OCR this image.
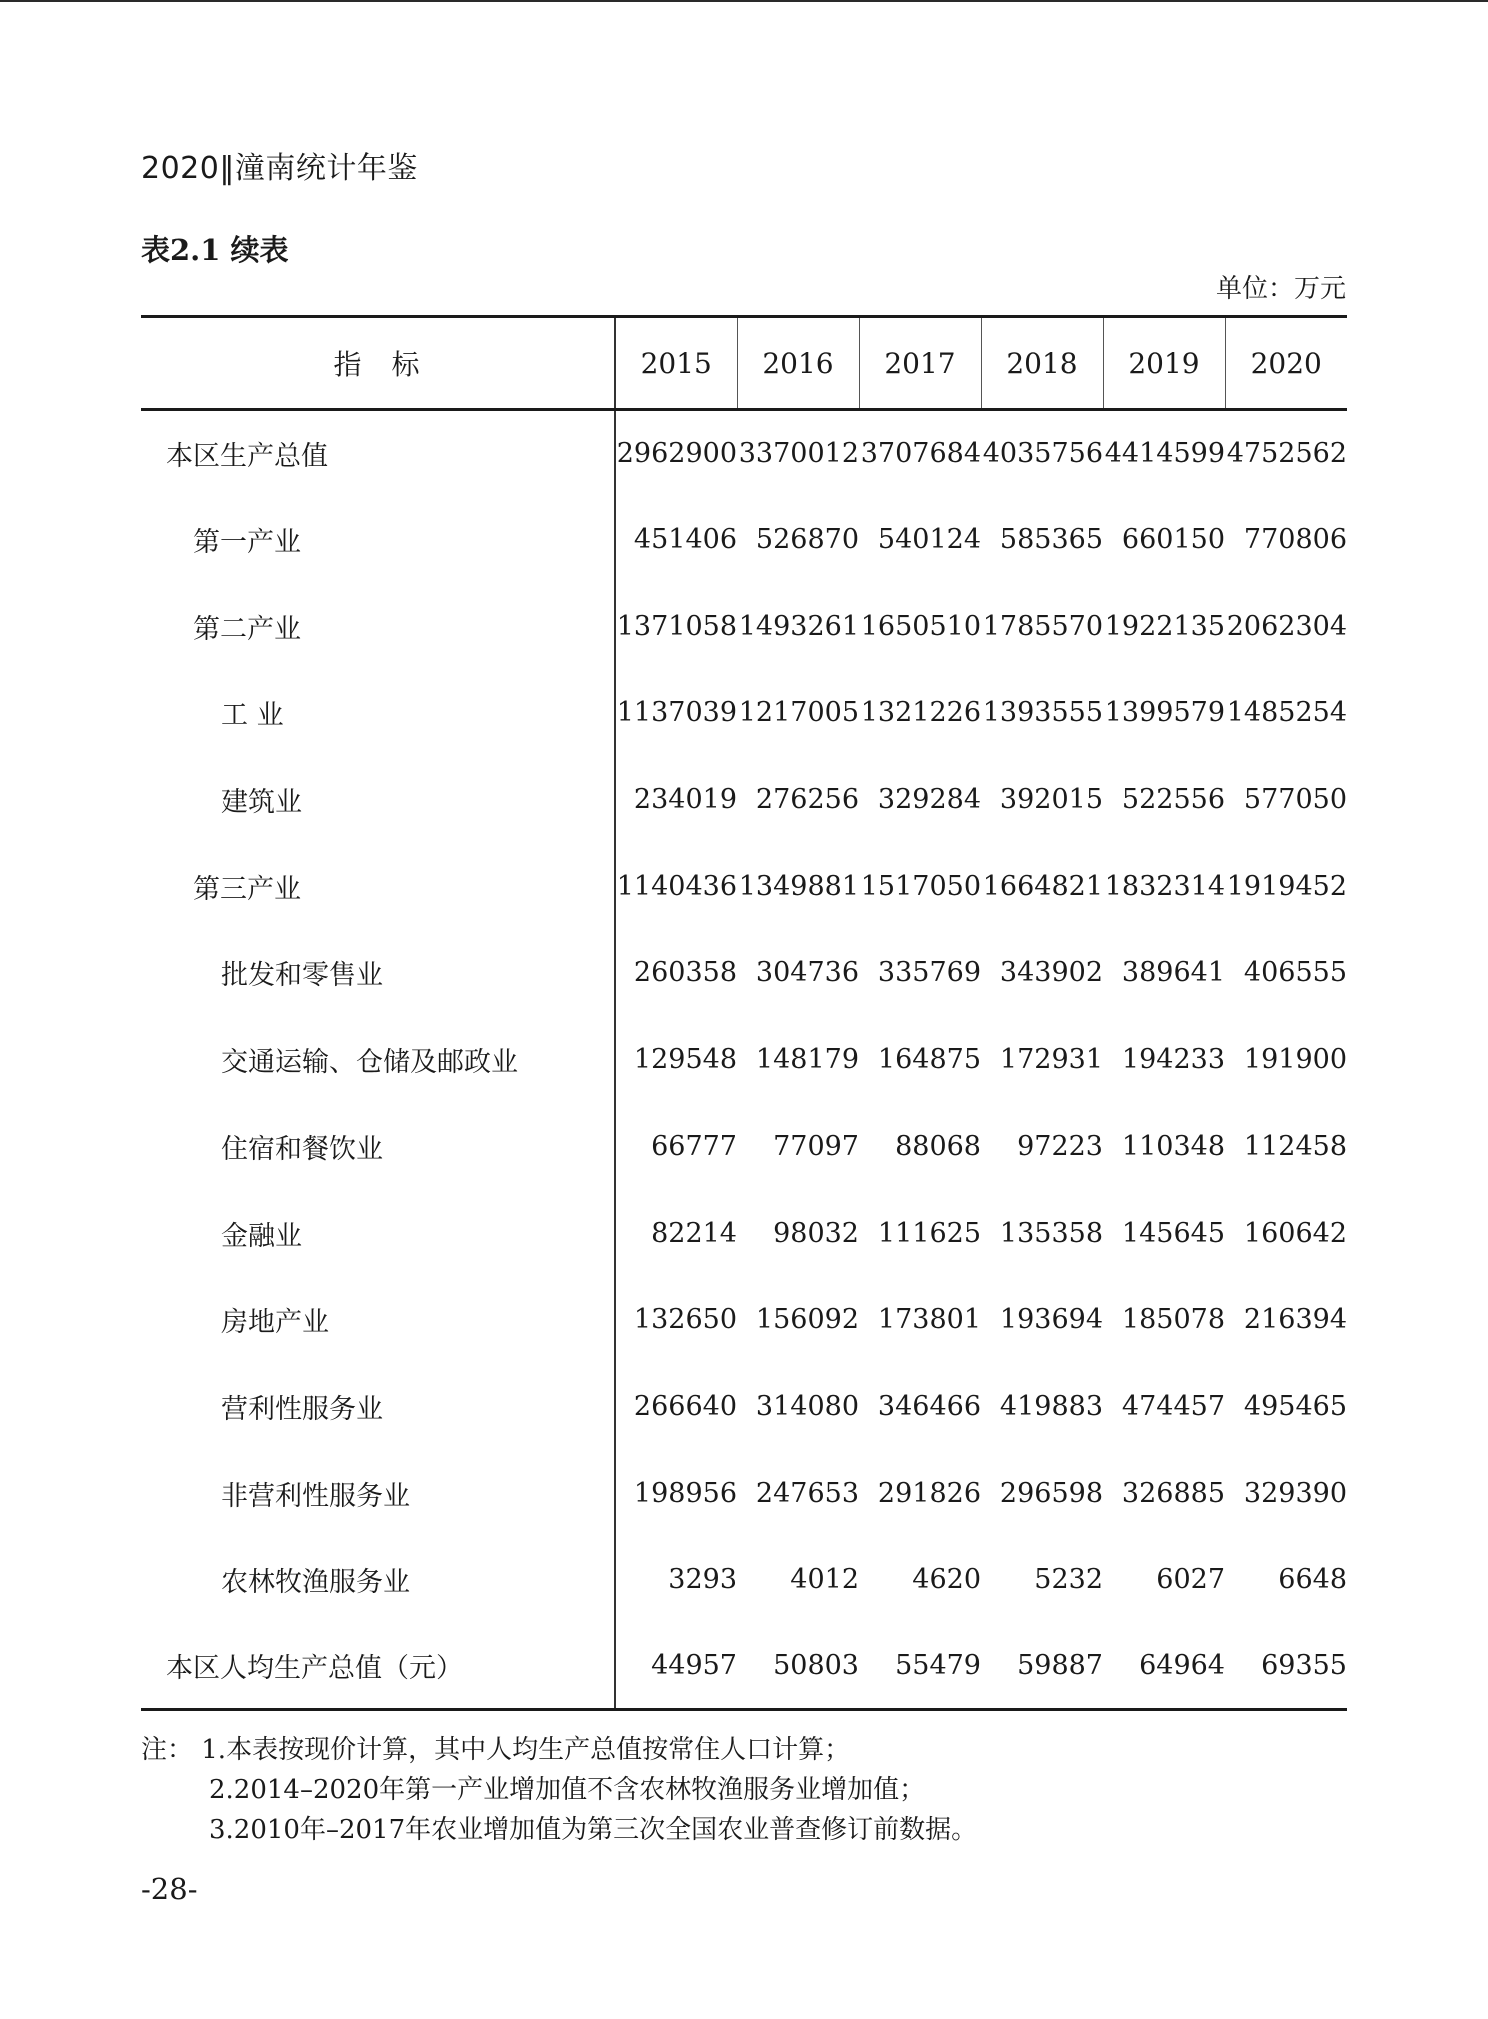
2020‖潼南统计年鉴
表2.1 续表
单位：万元
指标	2015	2016	2017	2018	2019	2020
本区生产总值	2962900	3370012	3707684	4035756	4414599	4752562
第一产业	451406	526870	540124	585365	660150	770806
第二产业	1371058	1493261	1650510	1785570	1922135	2062304
工 业	1137039	1217005	1321226	1393555	1399579	1485254
建筑业	234019	276256	329284	392015	522556	577050
第三产业	1140436	1349881	1517050	1664821	1832314	1919452
批发和零售业	260358	304736	335769	343902	389641	406555
交通运输、仓储及邮政业	129548	148179	164875	172931	194233	191900
住宿和餐饮业	66777	77097	88068	97223	110348	112458
金融业	82214	98032	111625	135358	145645	160642
房地产业	132650	156092	173801	193694	185078	216394
营利性服务业	266640	314080	346466	419883	474457	495465
非营利性服务业	198956	247653	291826	296598	326885	329390
农林牧渔服务业	3293	4012	4620	5232	6027	6648
本区人均生产总值（元）	44957	50803	55479	59887	64964	69355
注： 1.本表按现价计算，其中人均生产总值按常住人口计算；
2.2014–2020年第一产业增加值不含农林牧渔服务业增加值；
3.2010年–2017年农业增加值为第三次全国农业普查修订前数据。
-28-
